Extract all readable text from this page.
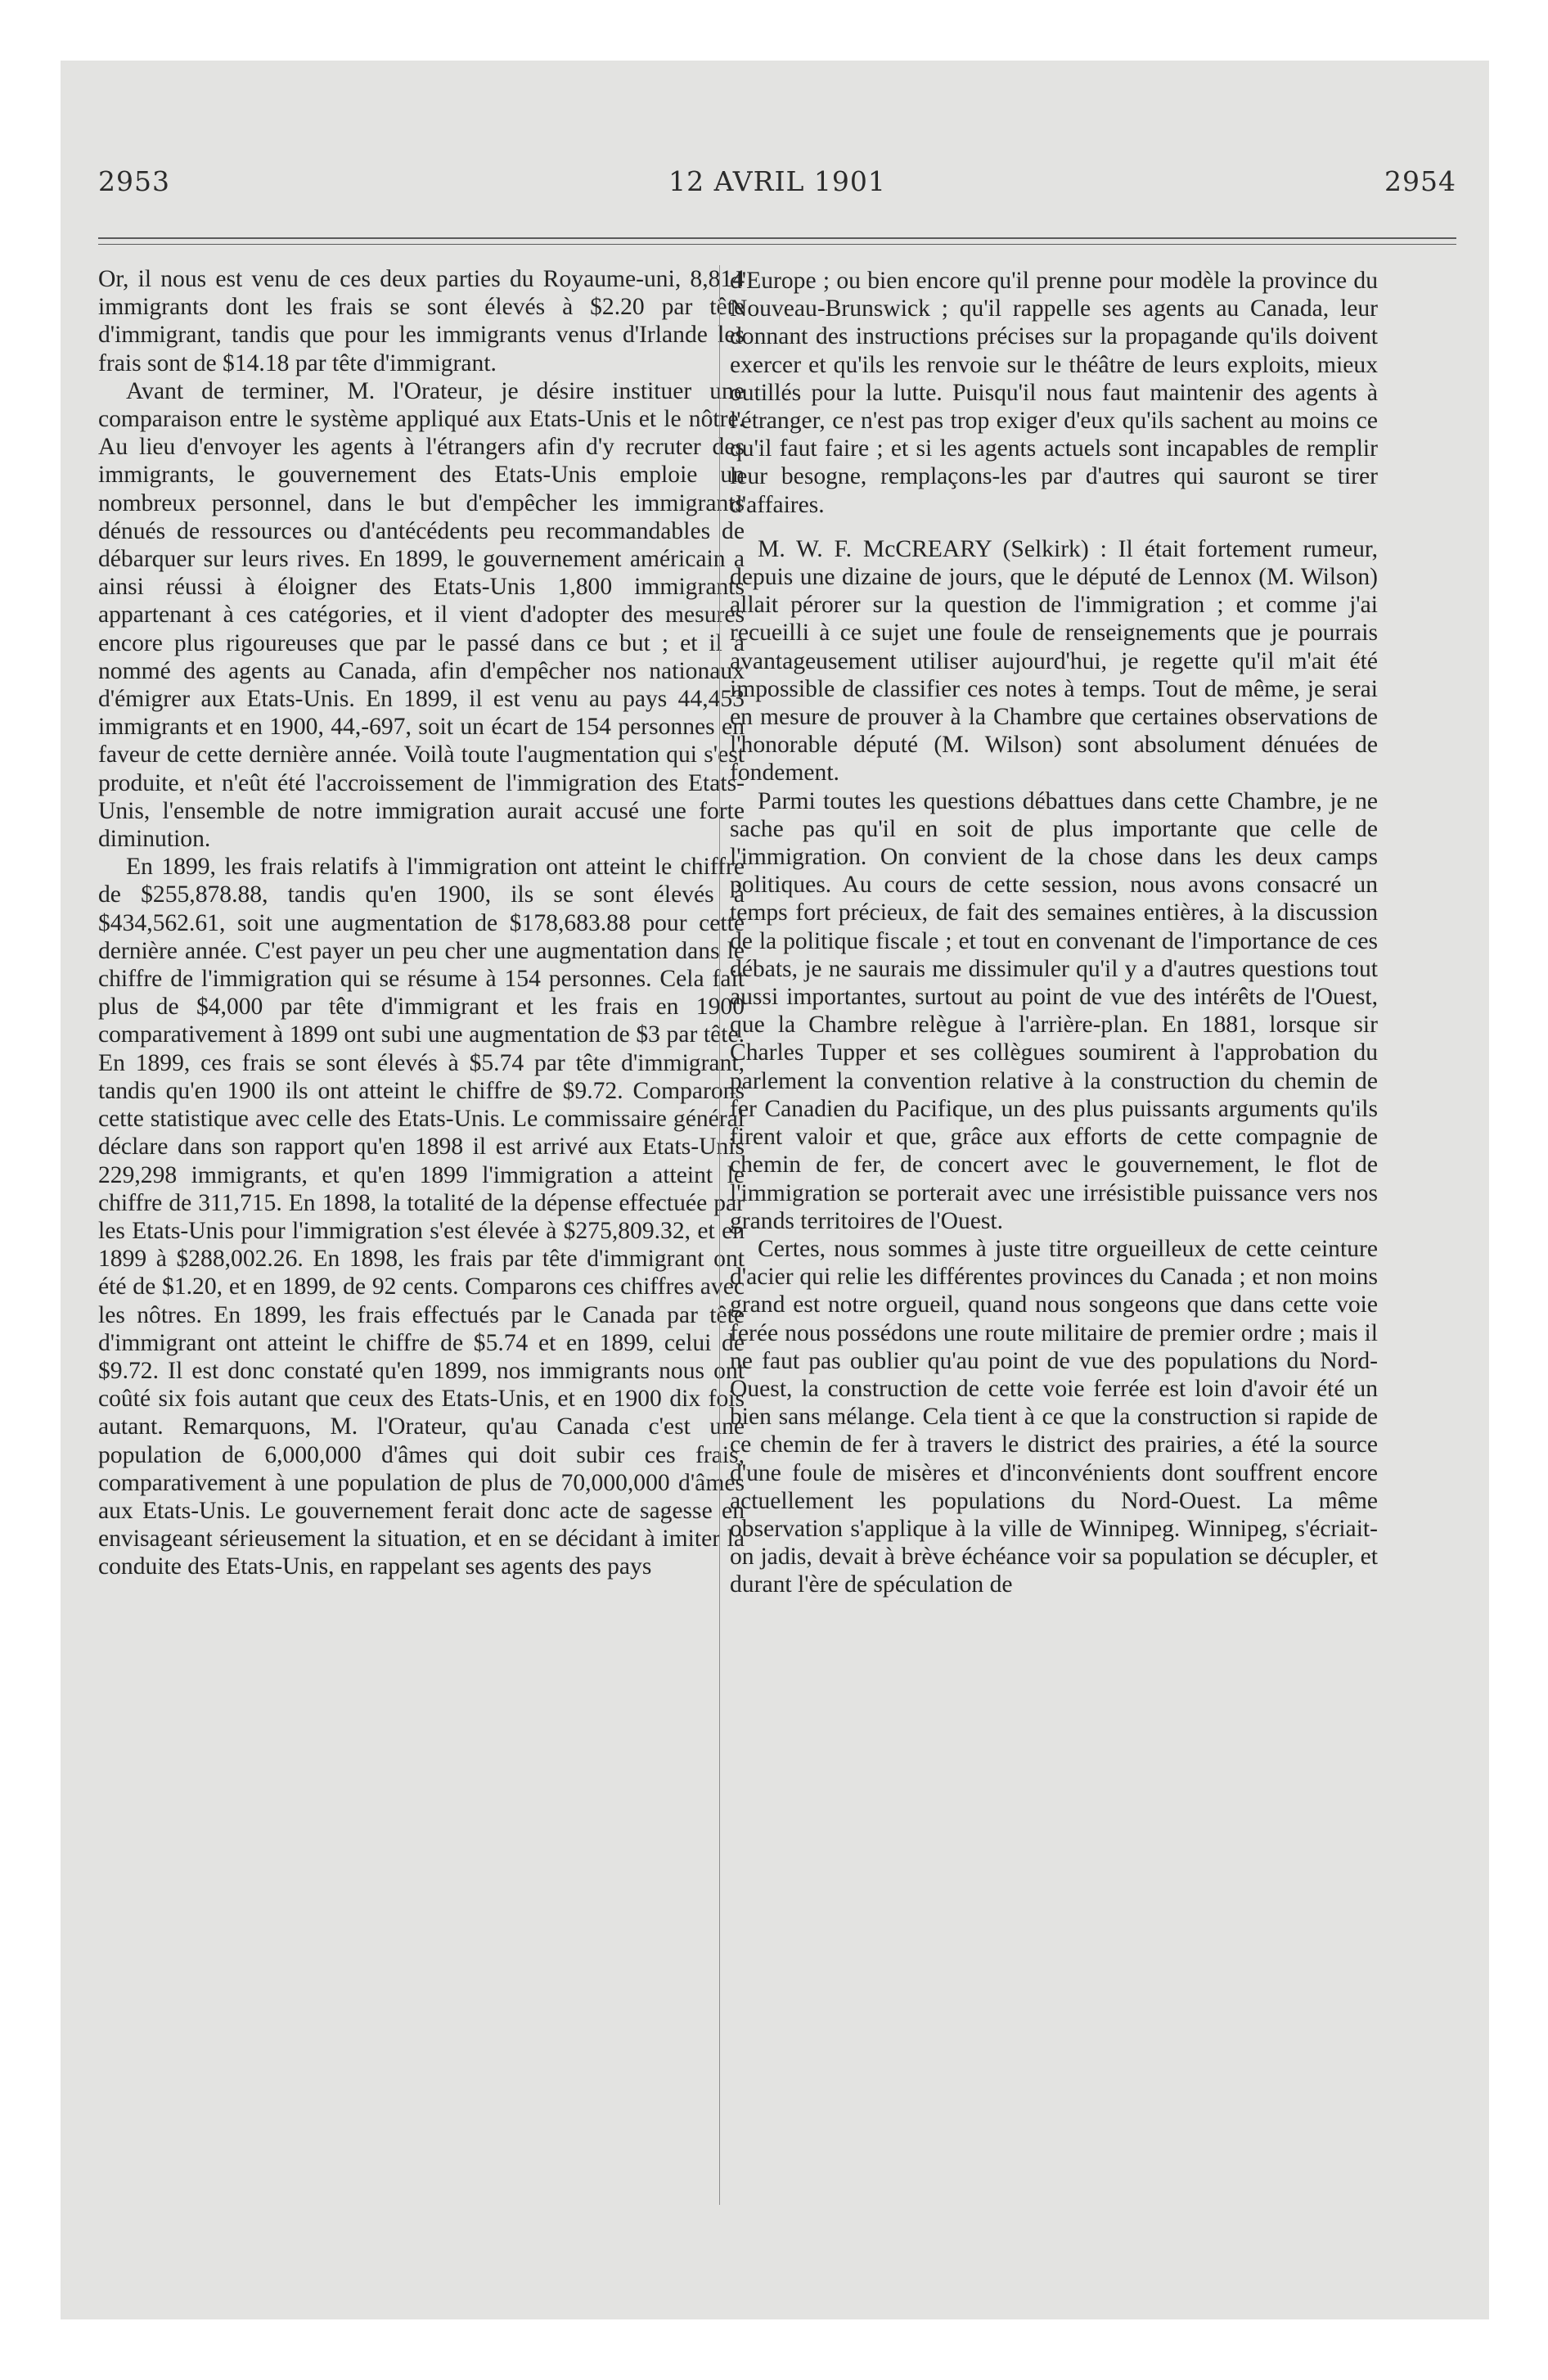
2953	12 AVRIL 1901	2954

Or, il nous est venu de ces deux parties du Royaume-uni, 8,814 immigrants dont les frais se sont élevés à $2.20 par tête d'immigrant, tandis que pour les immigrants venus d'Irlande les frais sont de $14.18 par tête d'immigrant.

Avant de terminer, M. l'Orateur, je désire instituer une comparaison entre le système appliqué aux Etats-Unis et le nôtre. Au lieu d'envoyer les agents à l'étrangers afin d'y recruter des immigrants, le gouvernement des Etats-Unis emploie un nombreux personnel, dans le but d'empêcher les immigrants dénués de ressources ou d'antécédents peu recommandables de débarquer sur leurs rives. En 1899, le gouvernement américain a ainsi réussi à éloigner des Etats-Unis 1,800 immigrants appartenant à ces catégories, et il vient d'adopter des mesures encore plus rigoureuses que par le passé dans ce but ; et il a nommé des agents au Canada, afin d'empêcher nos nationaux d'émigrer aux Etats-Unis. En 1899, il est venu au pays 44,453 immigrants et en 1900, 44,-697, soit un écart de 154 personnes en faveur de cette dernière année. Voilà toute l'augmentation qui s'est produite, et n'eût été l'accroissement de l'immigration des Etats-Unis, l'ensemble de notre immigration aurait accusé une forte diminution.

En 1899, les frais relatifs à l'immigration ont atteint le chiffre de $255,878.88, tandis qu'en 1900, ils se sont élevés à $434,562.61, soit une augmentation de $178,683.88 pour cette dernière année. C'est payer un peu cher une augmentation dans le chiffre de l'immigration qui se résume à 154 personnes. Cela fait plus de $4,000 par tête d'immigrant et les frais en 1900 comparativement à 1899 ont subi une augmentation de $3 par tête. En 1899, ces frais se sont élevés à $5.74 par tête d'immigrant, tandis qu'en 1900 ils ont atteint le chiffre de $9.72. Comparons cette statistique avec celle des Etats-Unis. Le commissaire général déclare dans son rapport qu'en 1898 il est arrivé aux Etats-Unis 229,298 immigrants, et qu'en 1899 l'immigration a atteint le chiffre de 311,715. En 1898, la totalité de la dépense effectuée par les Etats-Unis pour l'immigration s'est élevée à $275,809.32, et en 1899 à $288,002.26. En 1898, les frais par tête d'immigrant ont été de $1.20, et en 1899, de 92 cents. Comparons ces chiffres avec les nôtres. En 1899, les frais effectués par le Canada par tête d'immigrant ont atteint le chiffre de $5.74 et en 1899, celui de $9.72. Il est donc constaté qu'en 1899, nos immigrants nous ont coûté six fois autant que ceux des Etats-Unis, et en 1900 dix fois autant. Remarquons, M. l'Orateur, qu'au Canada c'est une population de 6,000,000 d'âmes qui doit subir ces frais, comparativement à une population de plus de 70,000,000 d'âmes aux Etats-Unis. Le gouvernement ferait donc acte de sagesse en envisageant sérieusement la situation, et en se décidant à imiter la conduite des Etats-Unis, en rappelant ses agents des pays

d'Europe ; ou bien encore qu'il prenne pour modèle la province du Nouveau-Brunswick ; qu'il rappelle ses agents au Canada, leur donnant des instructions précises sur la propagande qu'ils doivent exercer et qu'ils les renvoie sur le théâtre de leurs exploits, mieux outillés pour la lutte. Puisqu'il nous faut maintenir des agents à l'étranger, ce n'est pas trop exiger d'eux qu'ils sachent au moins ce qu'il faut faire ; et si les agents actuels sont incapables de remplir leur besogne, remplaçons-les par d'autres qui sauront se tirer d'affaires.

M. W. F. McCREARY (Selkirk) : Il était fortement rumeur, depuis une dizaine de jours, que le député de Lennox (M. Wilson) allait pérorer sur la question de l'immigration ; et comme j'ai recueilli à ce sujet une foule de renseignements que je pourrais avantageusement utiliser aujourd'hui, je regette qu'il m'ait été impossible de classifier ces notes à temps. Tout de même, je serai en mesure de prouver à la Chambre que certaines observations de l'honorable député (M. Wilson) sont absolument dénuées de fondement.

Parmi toutes les questions débattues dans cette Chambre, je ne sache pas qu'il en soit de plus importante que celle de l'immigration. On convient de la chose dans les deux camps politiques. Au cours de cette session, nous avons consacré un temps fort précieux, de fait des semaines entières, à la discussion de la politique fiscale ; et tout en convenant de l'importance de ces débats, je ne saurais me dissimuler qu'il y a d'autres questions tout aussi importantes, surtout au point de vue des intérêts de l'Ouest, que la Chambre relègue à l'arrière-plan. En 1881, lorsque sir Charles Tupper et ses collègues soumirent à l'approbation du parlement la convention relative à la construction du chemin de fer Canadien du Pacifique, un des plus puissants arguments qu'ils firent valoir et que, grâce aux efforts de cette compagnie de chemin de fer, de concert avec le gouvernement, le flot de l'immigration se porterait avec une irrésistible puissance vers nos grands territoires de l'Ouest.

Certes, nous sommes à juste titre orgueilleux de cette ceinture d'acier qui relie les différentes provinces du Canada ; et non moins grand est notre orgueil, quand nous songeons que dans cette voie ferée nous possédons une route militaire de premier ordre ; mais il ne faut pas oublier qu'au point de vue des populations du Nord-Ouest, la construction de cette voie ferrée est loin d'avoir été un bien sans mélange. Cela tient à ce que la construction si rapide de ce chemin de fer à travers le district des prairies, a été la source d'une foule de misères et d'inconvénients dont souffrent encore actuellement les populations du Nord-Ouest. La même observation s'applique à la ville de Winnipeg. Winnipeg, s'écriait-on jadis, devait à brève échéance voir sa population se décupler, et durant l'ère de spéculation de
